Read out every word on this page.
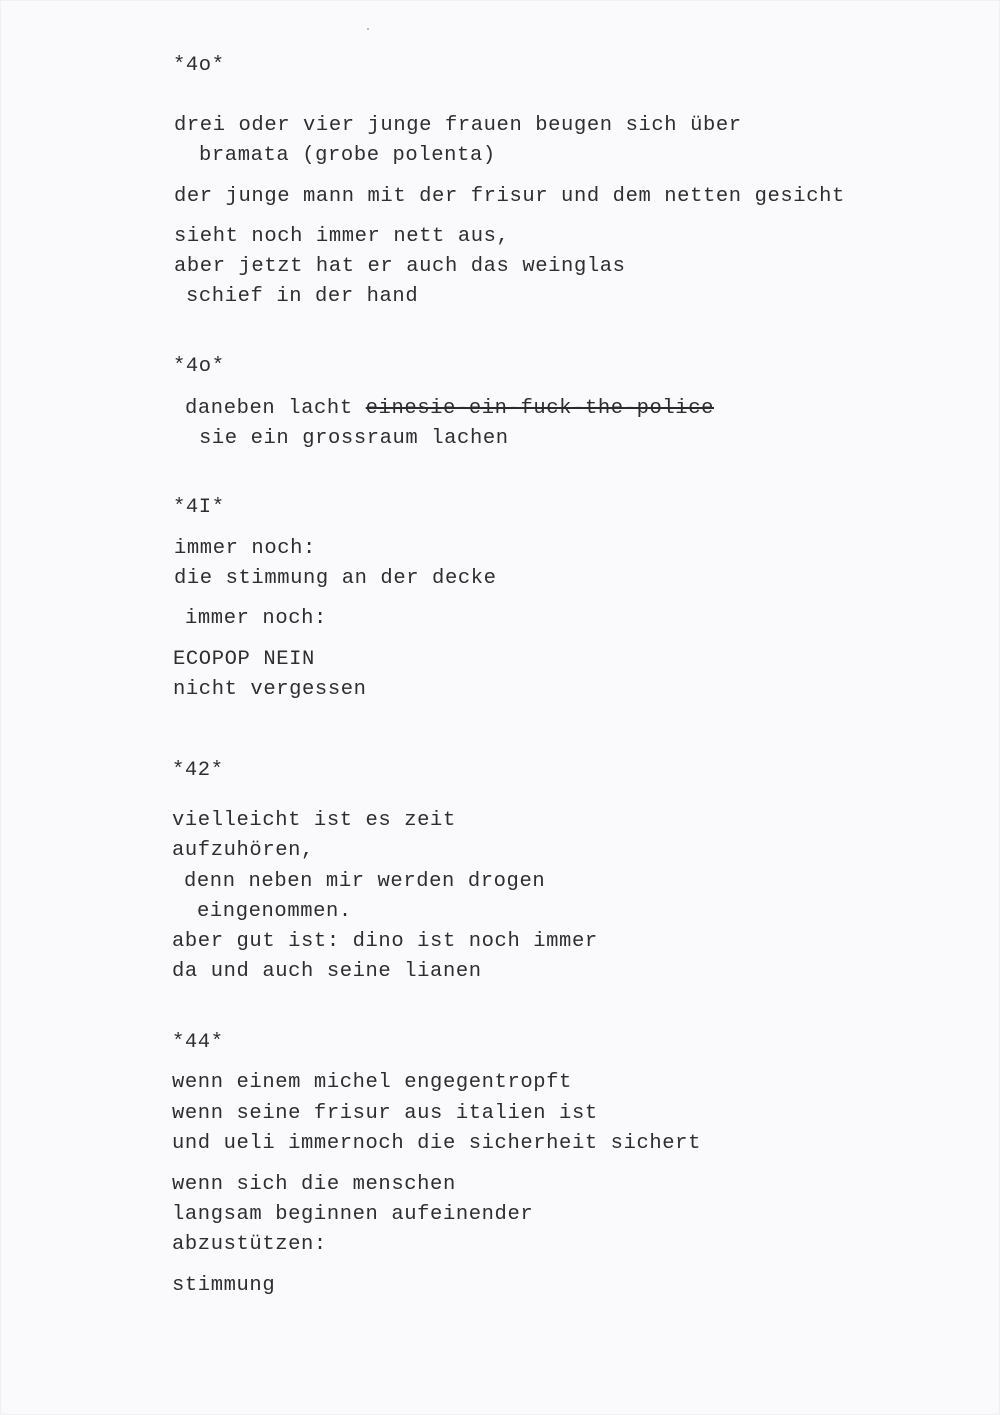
*4o*

drei oder vier junge frauen beugen sich über

bramata (grobe polenta)

der junge mann mit der frisur und dem netten gesicht

sieht noch immer nett aus,

aber jetzt hat er auch das weinglas

schief in der hand

*4o*

daneben lacht einesie-ein-fuck-the-police

sie ein grossraum lachen

*4I*

immer noch:

die stimmung an der decke

immer noch:

ECOPOP NEIN

nicht vergessen

*42*

vielleicht ist es zeit

aufzuhören,

denn neben mir werden drogen

eingenommen.

aber gut ist: dino ist noch immer

da und auch seine lianen

*44*

wenn einem michel engegentropft

wenn seine frisur aus italien ist

und ueli immernoch die sicherheit sichert

wenn sich die menschen

langsam beginnen aufeinender

abzustützen:

stimmung
